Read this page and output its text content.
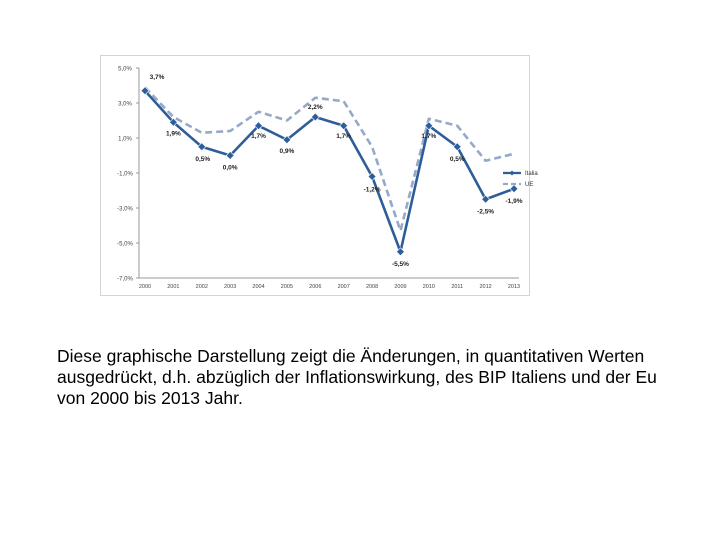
5,0%
3,0%
1,0%
-1,0%
-3,0%
-5,0%
-7,0%
2000	2001	2002	2003	2004	2005	2006	2007	2008	2009	2010	2011	2012	2013
3,7%
1,9%
0,5%
0,0%
1,7%
0,9%
2,2%
1,7%
-1,2%
-5,5%
1,7%
0,5%
-2,5%
-1,9%
Italia
UE
Diese graphische Darstellung zeigt die Änderungen, in quantitativen Werten ausgedrückt, d.h. abzüglich der Inflationswirkung, des BIP Italiens und der Eu von 2000 bis 2013 Jahr.
